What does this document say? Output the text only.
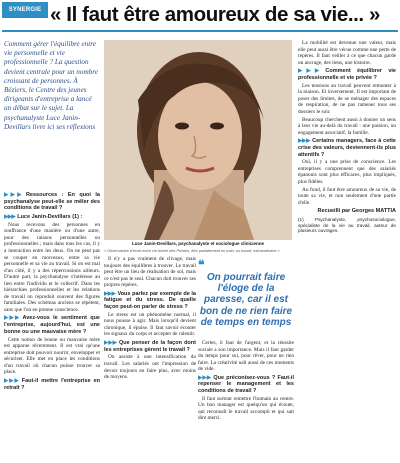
SYNERGIE « Il faut être amoureux de sa vie... »

Comment gérer l'équilibre entre vie personnelle et vie professionnelle ? La question devient centrale pour un nombre croissant de personnes. À Béziers, le Centre des jeunes dirigeants d'entreprise a lancé un débat sur le sujet. La psychanalyste Luce Janin-Devillars livre ici ses réflexions

Luce Janin-Devillars, psychanalyste et sociologue clinicienne
« Observatoire d'écart entre vie brisée des Pointes, être parfaitement en train, ou travail, extraordinaire »
▶▶▶ Ressources : En quoi la psychanalyse peut-elle se mêler des conditions de travail ?
▶▶▶ Luce Janin-Devillars (1) :

Nous recevons des personnes en souffrance d'une manière ou d'une autre, pour des raisons personnelles ou professionnelles ; mais dans tous les cas, il y a interaction entre les deux. On ne peut pas se couper en morceaux, entre sa vie personnelle et sa vie au travail. Si on est mal d'un côté, il y a des répercussions ailleurs. D'autre part, la psychanalyse s'intéresse au lien entre l'individu et le collectif. Dans les hiérarchies professionnelles et les relations de travail on reproduit souvent des figures familiales. Des schémas anciens se répètent, sans que l'on en prenne conscience.

▶▶▶ Avez-vous le sentiment que l'entreprise, aujourd'hui, est une bonne ou une mauvaise mère ?

Cette notion de bonne ou mauvaise mère est apparue récemment. Il est vrai qu'une entreprise doit pouvoir nourrir, envelopper et sécuriser. Elle met en place les conditions d'un travail où chacun puisse trouver sa place.

▶▶▶ Faut-il mettre l'entreprise en retrait ?

Il n'y a pas vraiment de clivage, mais toujours des équilibres à trouver. Le travail peut être un lieu de réalisation de soi, mais ce n'est pas le seul. Chacun doit trouver ses propres repères.

▶▶▶ Vous parlez par exemple de la fatigue et du stress. De quelle façon peut-on parler de stress ?

Le stress est un phénomène normal, il nous pousse à agir. Mais lorsqu'il devient chronique, il épuise. Il faut savoir écouter les signaux du corps et accepter de ralentir.

▶▶▶ Que penser de la façon dont les entreprises gèrent le travail ?

On assiste à une intensification du travail. Les salariés ont l'impression de devoir toujours en faire plus, avec moins de moyens.

❝
On pourrait faire l'éloge de la paresse, car il est bon de ne rien faire de temps en temps

Certes, il faut de l'argent, et la réussite sociale a son importance. Mais il faut garder du temps pour soi, pour rêver, pour ne rien faire. La créativité naît aussi de ces moments de vide.

▶▶▶ Que préconisez-vous ? Faut-il repenser le management et les conditions de travail ?

Il faut surtout remettre l'humain au centre. Un bon manager est quelqu'un qui écoute, qui reconnaît le travail accompli et qui sait dire merci.

La mobilité est devenue une valeur, mais elle peut aussi être vécue comme une perte de repères. Il faut veiller à ce que chacun garde un ancrage, des liens, une histoire.

▶▶▶ Comment équilibrer vie professionnelle et vie privée ?

Les tensions au travail peuvent remonter à la maison. Et inversement. Il est important de poser des limites, de se ménager des espaces de respiration, de ne pas ramener tous ses dossiers le soir.

Beaucoup cherchent aussi à donner un sens à leur vie au-delà du travail : une passion, un engagement associatif, la famille.

▶▶▶ Certains managers, face à cette crise des valeurs, deviennent-ils plus attentifs ?

Oui, il y a une prise de conscience. Les entreprises comprennent que des salariés épanouis sont plus efficaces, plus impliqués, plus fidèles.

Au fond, il faut être amoureux de sa vie, de toute sa vie, et non seulement d'une partie d'elle.

Recueilli par Georges MATTIA
(1) Psychanalyste, psychosociologue, spécialiste de la vie au travail, auteur de plusieurs ouvrages.
